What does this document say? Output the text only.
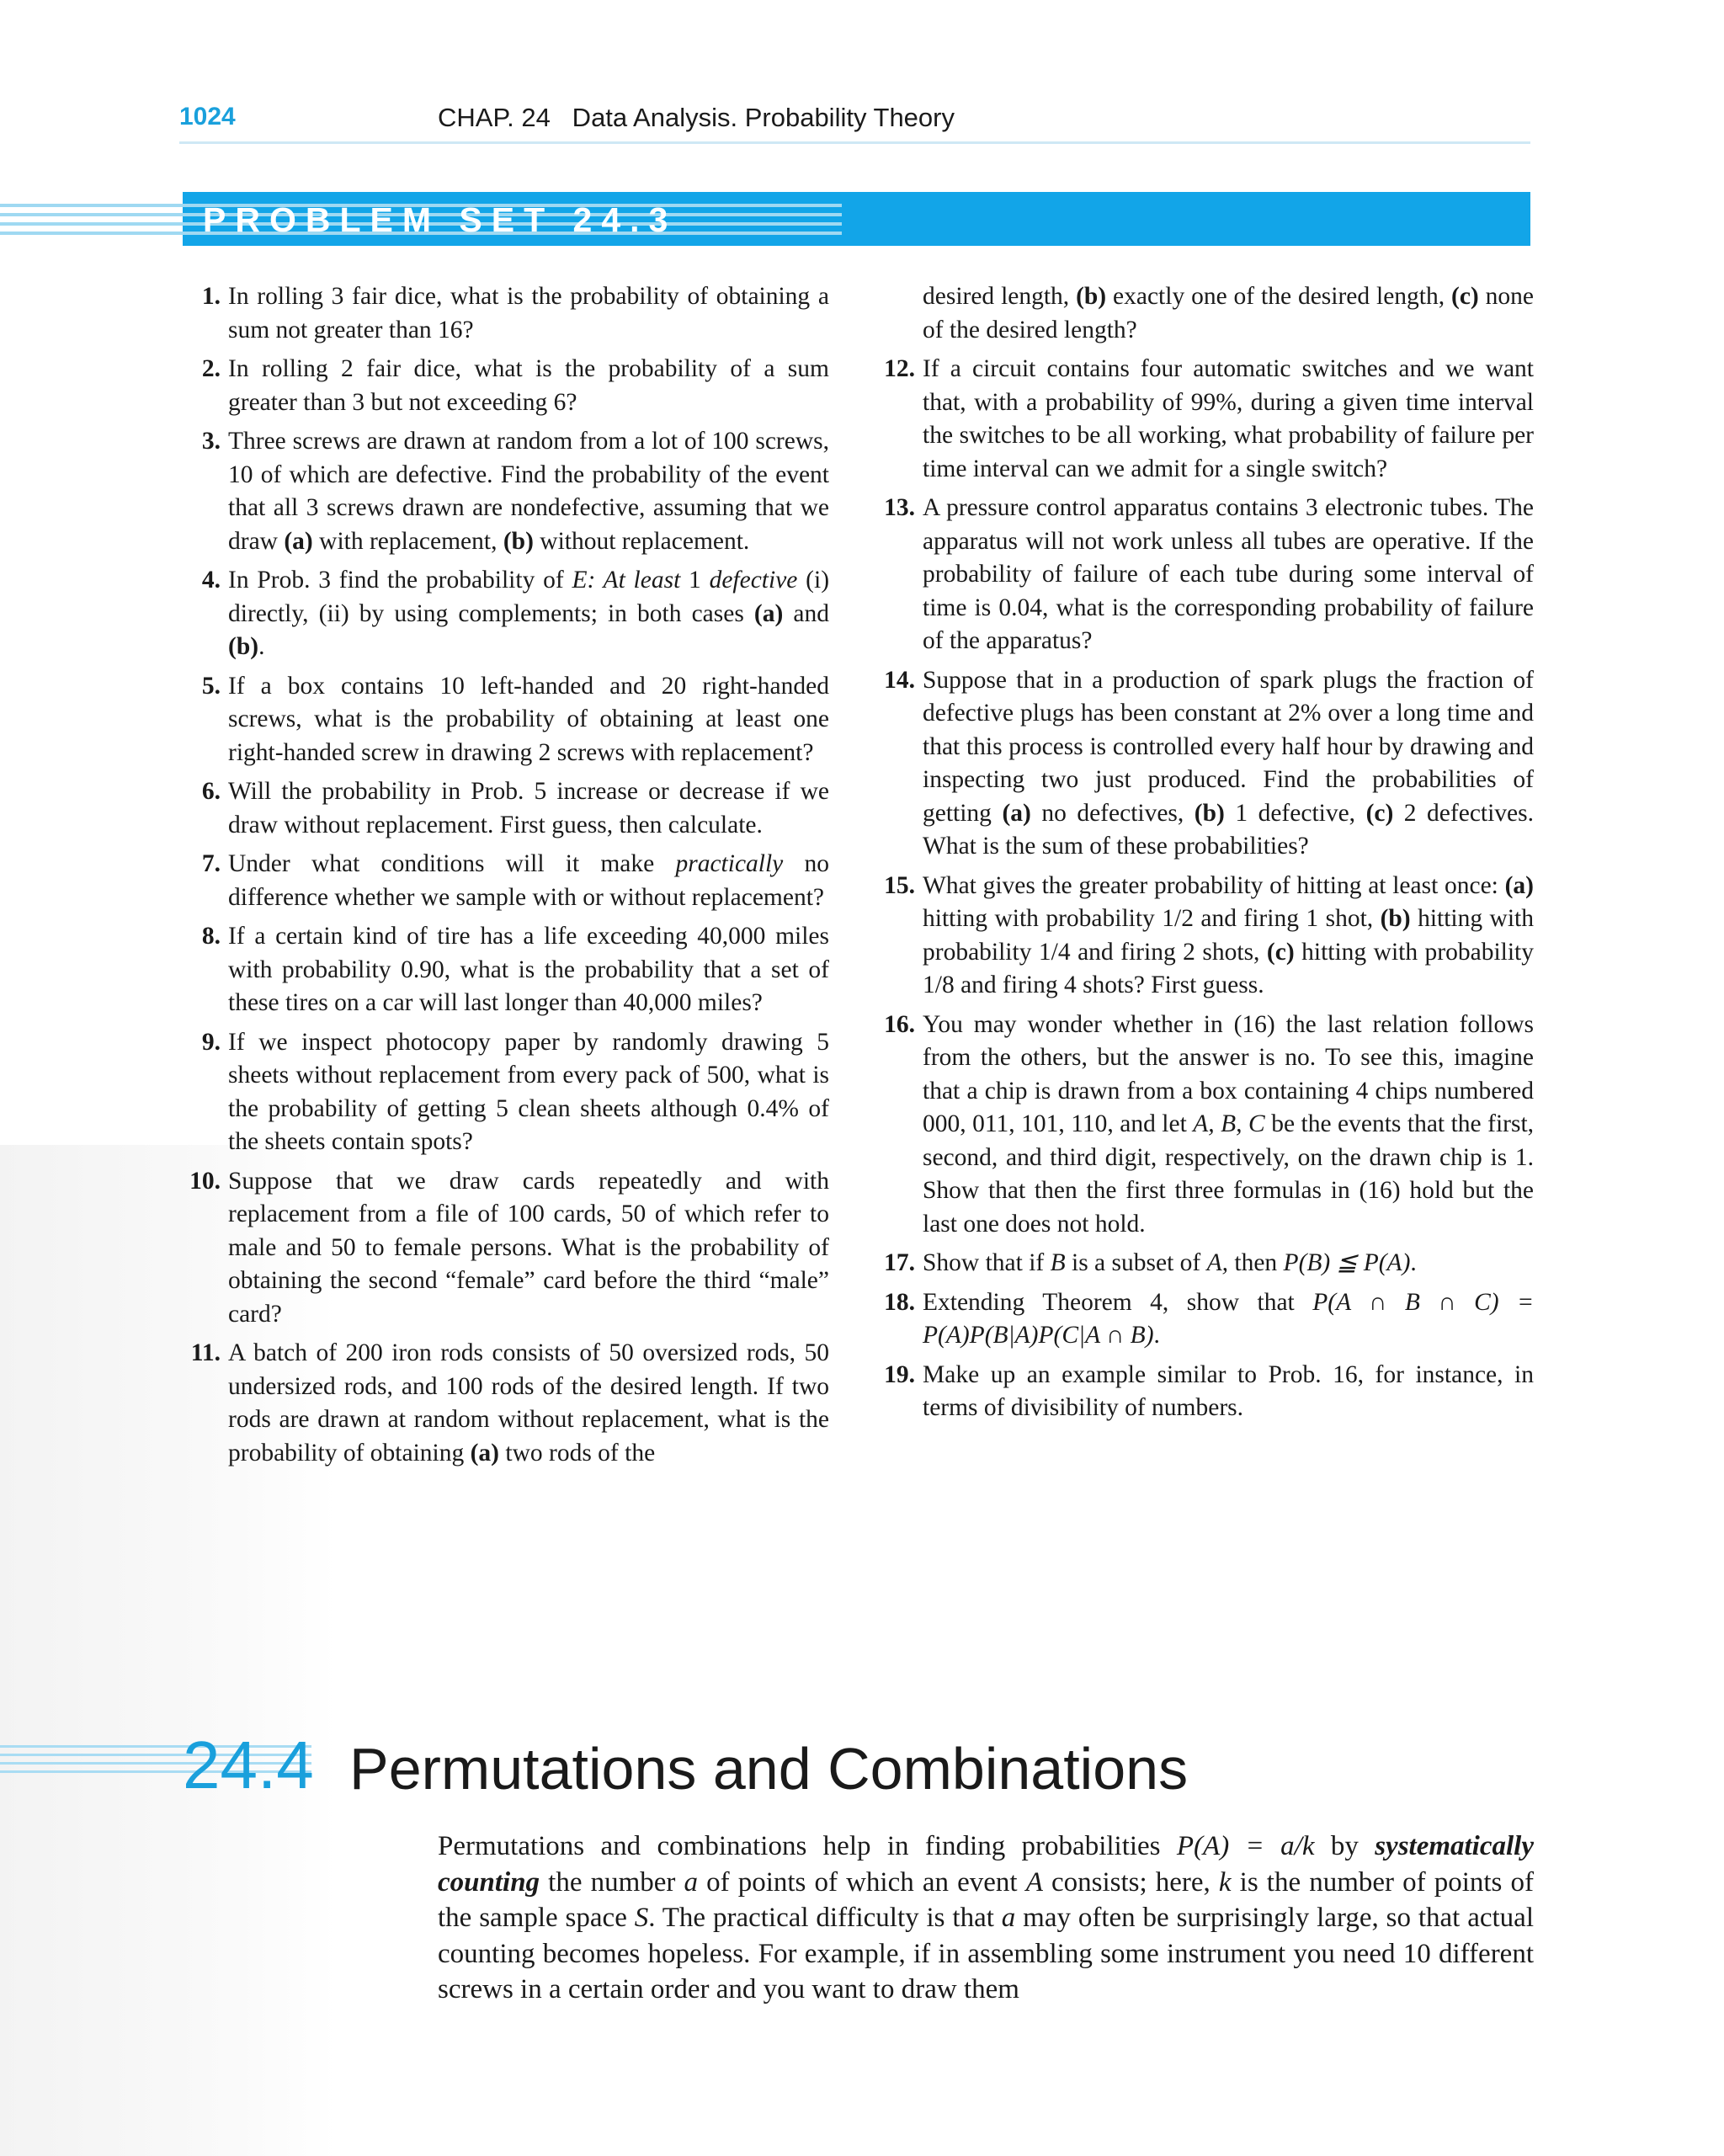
1024	CHAP. 24   Data Analysis. Probability Theory
PROBLEM SET 24.3
1. In rolling 3 fair dice, what is the probability of obtaining a sum not greater than 16?
2. In rolling 2 fair dice, what is the probability of a sum greater than 3 but not exceeding 6?
3. Three screws are drawn at random from a lot of 100 screws, 10 of which are defective. Find the probability of the event that all 3 screws drawn are nondefective, assuming that we draw (a) with replacement, (b) without replacement.
4. In Prob. 3 find the probability of E: At least 1 defective (i) directly, (ii) by using complements; in both cases (a) and (b).
5. If a box contains 10 left-handed and 20 right-handed screws, what is the probability of obtaining at least one right-handed screw in drawing 2 screws with replacement?
6. Will the probability in Prob. 5 increase or decrease if we draw without replacement. First guess, then calculate.
7. Under what conditions will it make practically no difference whether we sample with or without replacement?
8. If a certain kind of tire has a life exceeding 40,000 miles with probability 0.90, what is the probability that a set of these tires on a car will last longer than 40,000 miles?
9. If we inspect photocopy paper by randomly drawing 5 sheets without replacement from every pack of 500, what is the probability of getting 5 clean sheets although 0.4% of the sheets contain spots?
10. Suppose that we draw cards repeatedly and with replacement from a file of 100 cards, 50 of which refer to male and 50 to female persons. What is the probability of obtaining the second “female” card before the third “male” card?
11. A batch of 200 iron rods consists of 50 oversized rods, 50 undersized rods, and 100 rods of the desired length. If two rods are drawn at random without replacement, what is the probability of obtaining (a) two rods of the
desired length, (b) exactly one of the desired length, (c) none of the desired length?
12. If a circuit contains four automatic switches and we want that, with a probability of 99%, during a given time interval the switches to be all working, what probability of failure per time interval can we admit for a single switch?
13. A pressure control apparatus contains 3 electronic tubes. The apparatus will not work unless all tubes are operative. If the probability of failure of each tube during some interval of time is 0.04, what is the corresponding probability of failure of the apparatus?
14. Suppose that in a production of spark plugs the fraction of defective plugs has been constant at 2% over a long time and that this process is controlled every half hour by drawing and inspecting two just produced. Find the probabilities of getting (a) no defectives, (b) 1 defective, (c) 2 defectives. What is the sum of these probabilities?
15. What gives the greater probability of hitting at least once: (a) hitting with probability 1/2 and firing 1 shot, (b) hitting with probability 1/4 and firing 2 shots, (c) hitting with probability 1/8 and firing 4 shots? First guess.
16. You may wonder whether in (16) the last relation follows from the others, but the answer is no. To see this, imagine that a chip is drawn from a box containing 4 chips numbered 000, 011, 101, 110, and let A, B, C be the events that the first, second, and third digit, respectively, on the drawn chip is 1. Show that then the first three formulas in (16) hold but the last one does not hold.
17. Show that if B is a subset of A, then P(B) ≦ P(A).
18. Extending Theorem 4, show that P(A ∩ B ∩ C) = P(A)P(B|A)P(C|A ∩ B).
19. Make up an example similar to Prob. 16, for instance, in terms of divisibility of numbers.
24.4 Permutations and Combinations
Permutations and combinations help in finding probabilities P(A) = a/k by systematically counting the number a of points of which an event A consists; here, k is the number of points of the sample space S. The practical difficulty is that a may often be surprisingly large, so that actual counting becomes hopeless. For example, if in assembling some instrument you need 10 different screws in a certain order and you want to draw them
